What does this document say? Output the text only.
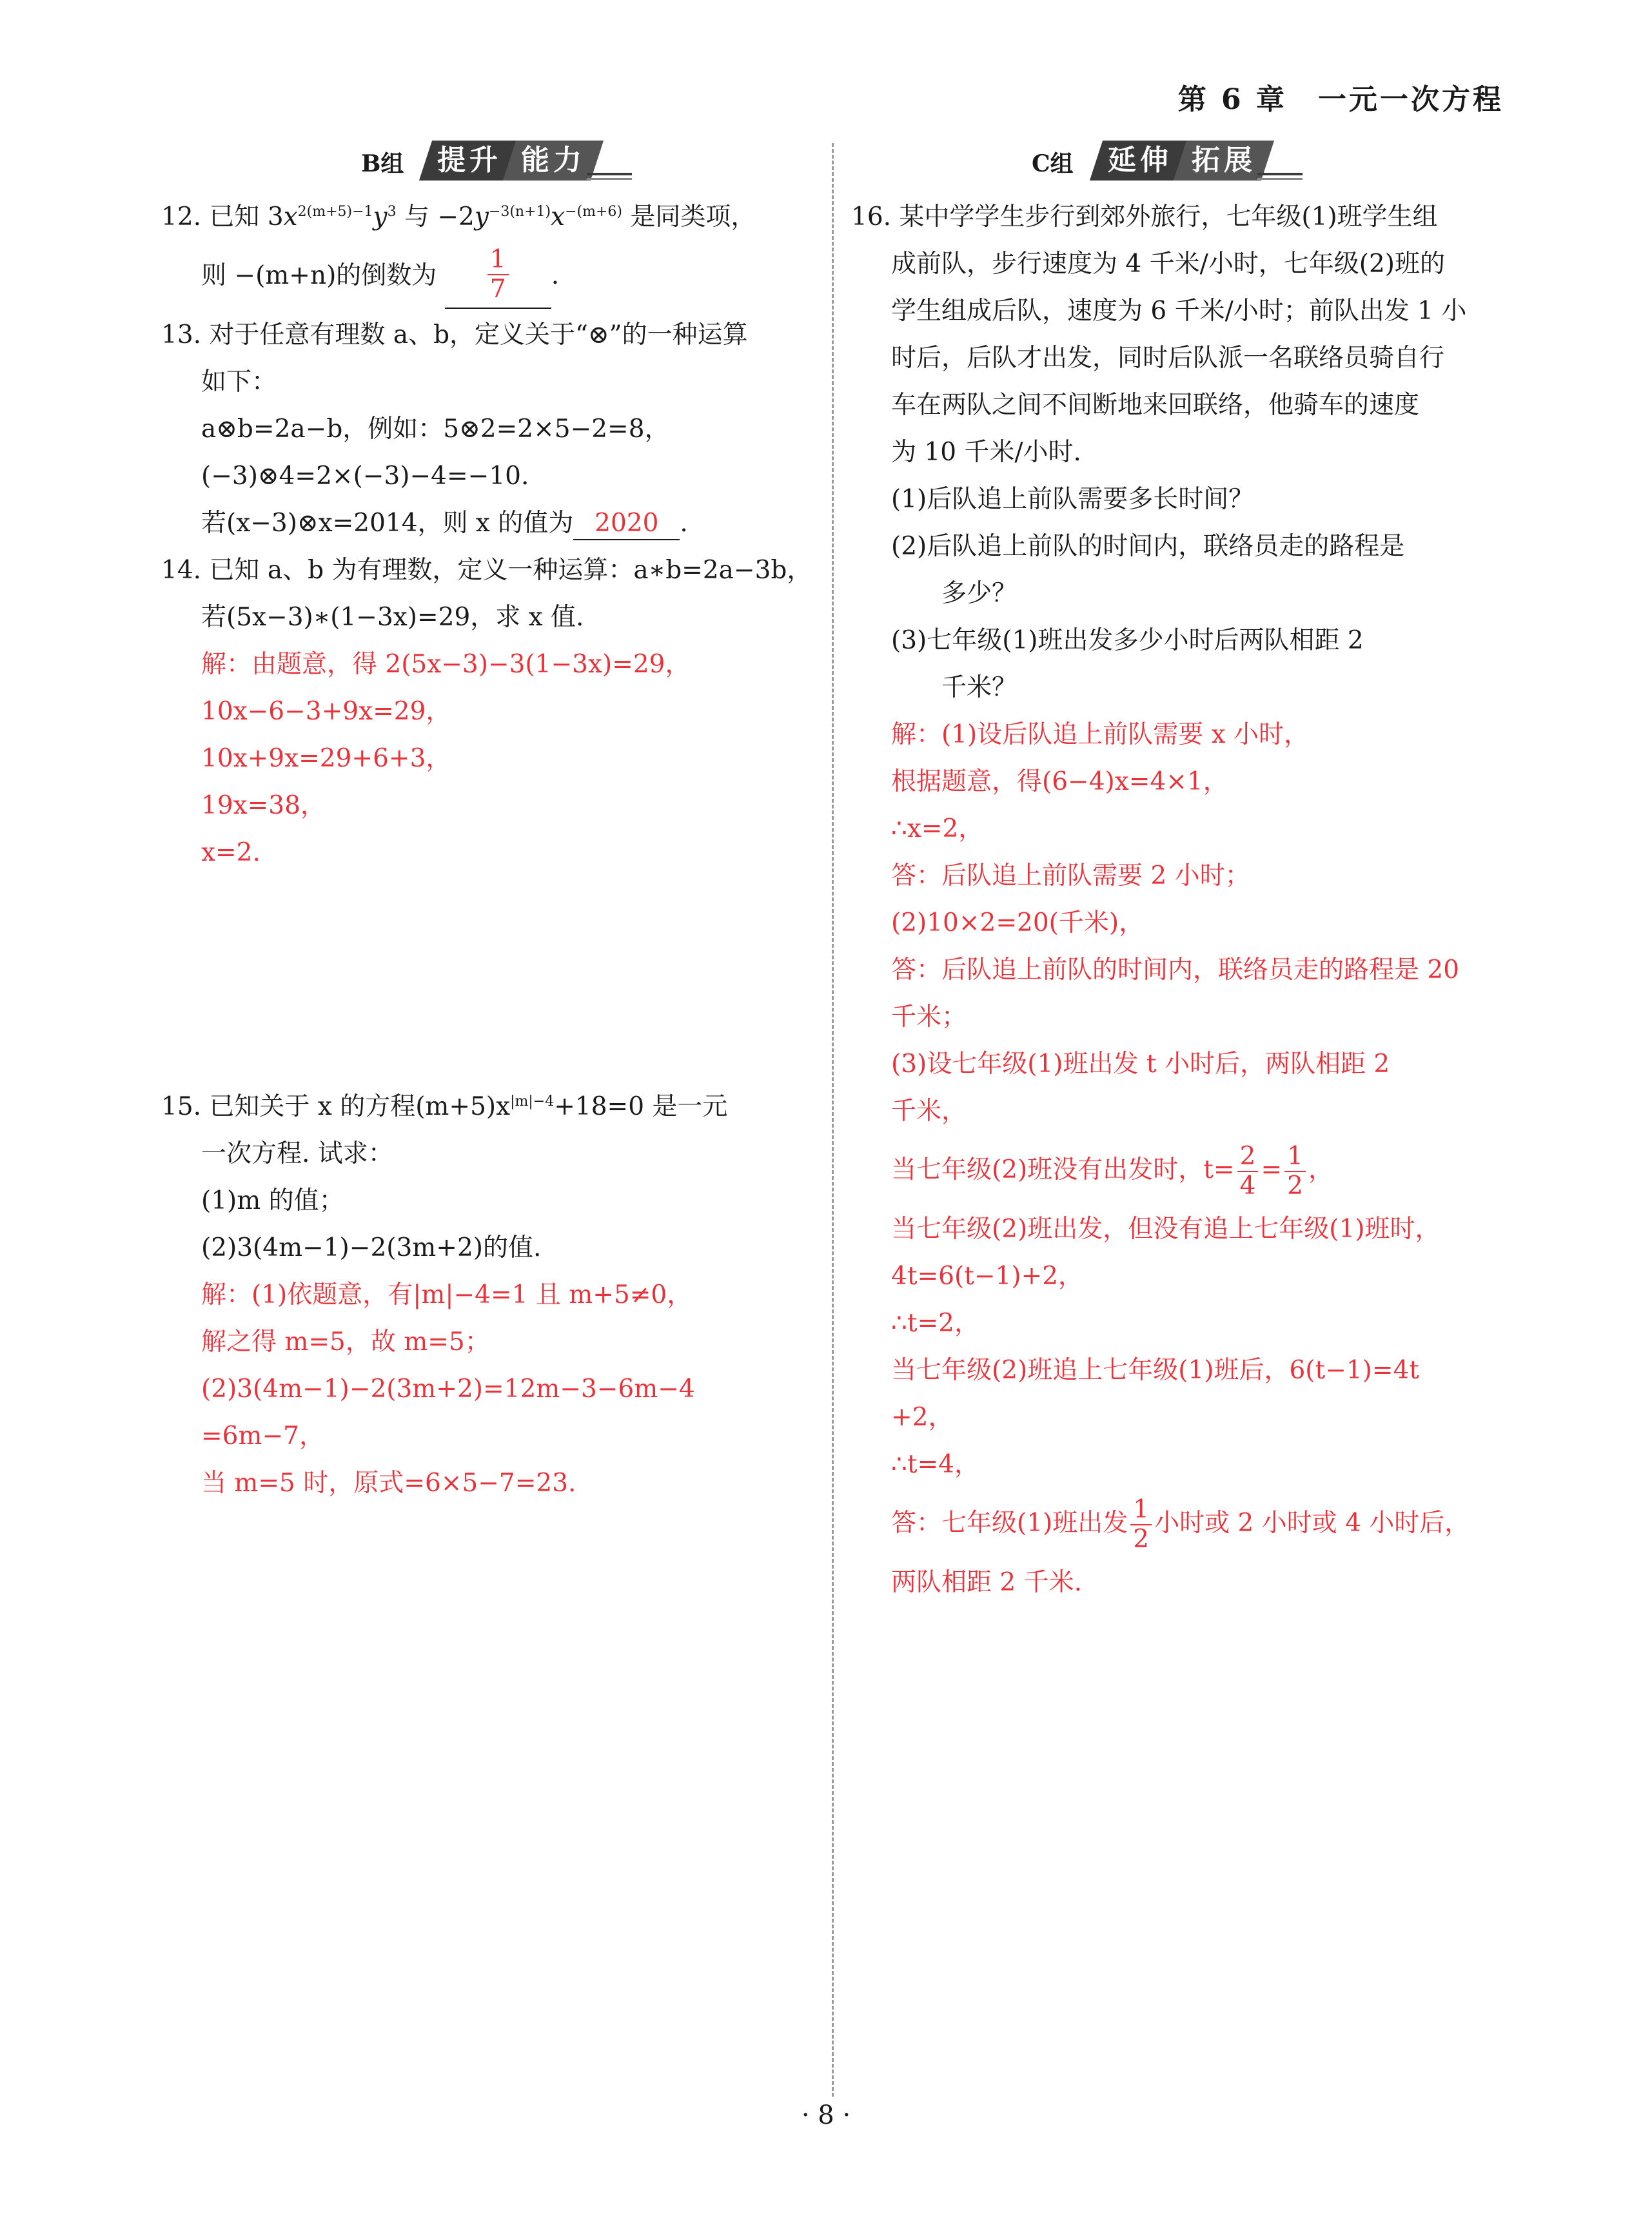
第 6 章　一元一次方程
B组	提升 能力	C组	延伸 拓展
12. 已知 $3x^{2(m+5)-1}y^3$ 与 $-2y^{-3(n+1)}x^{-(m+6)}$ 是同类项，
则 −(m+n)的倒数为 $\frac{1}{7}$ .
13. 对于任意有理数 a、b，定义关于“⊗”的一种运算
如下：
a⊗b=2a−b，例如：5⊗2=2×5−2=8，
(−3)⊗4=2×(−3)−4=−10.
若(x−3)⊗x=2014，则 x 的值为 2020 .
14. 已知 a、b 为有理数，定义一种运算：a∗b=2a−3b，
若(5x−3)∗(1−3x)=29，求 x 值.
解：由题意，得 2(5x−3)−3(1−3x)=29，
10x−6−3+9x=29，
10x+9x=29+6+3，
19x=38，
x=2.
15. 已知关于 x 的方程$(m+5)x^{|m|-4}+18=0$ 是一元
一次方程. 试求：
(1)m 的值；
(2)3(4m−1)−2(3m+2)的值.
解：(1)依题意，有|m|−4=1 且 m+5≠0，
解之得 m=5，故 m=5；
(2)3(4m−1)−2(3m+2)=12m−3−6m−4
=6m−7，
当 m=5 时，原式=6×5−7=23.
16. 某中学学生步行到郊外旅行，七年级(1)班学生组
成前队，步行速度为 4 千米/小时，七年级(2)班的
学生组成后队，速度为 6 千米/小时；前队出发 1 小
时后，后队才出发，同时后队派一名联络员骑自行
车在两队之间不间断地来回联络，他骑车的速度
为 10 千米/小时.
(1)后队追上前队需要多长时间？
(2)后队追上前队的时间内，联络员走的路程是
多少？
(3)七年级(1)班出发多少小时后两队相距 2
千米？
解：(1)设后队追上前队需要 x 小时，
根据题意，得(6−4)x=4×1，
∴x=2，
答：后队追上前队需要 2 小时；
(2)10×2=20(千米)，
答：后队追上前队的时间内，联络员走的路程是 20
千米；
(3)设七年级(1)班出发 t 小时后，两队相距 2
千米，
当七年级(2)班没有出发时，$t= \frac{2}{4} = \frac{1}{2}$ ，
当七年级(2)班出发，但没有追上七年级(1)班时，
4t=6(t−1)+2，
∴t=2，
当七年级(2)班追上七年级(1)班后，6(t−1)=4t
+2，
∴t=4，
答：七年级(1)班出发 $\frac{1}{2}$ 小时或 2 小时或 4 小时后，
两队相距 2 千米.
· 8 ·
